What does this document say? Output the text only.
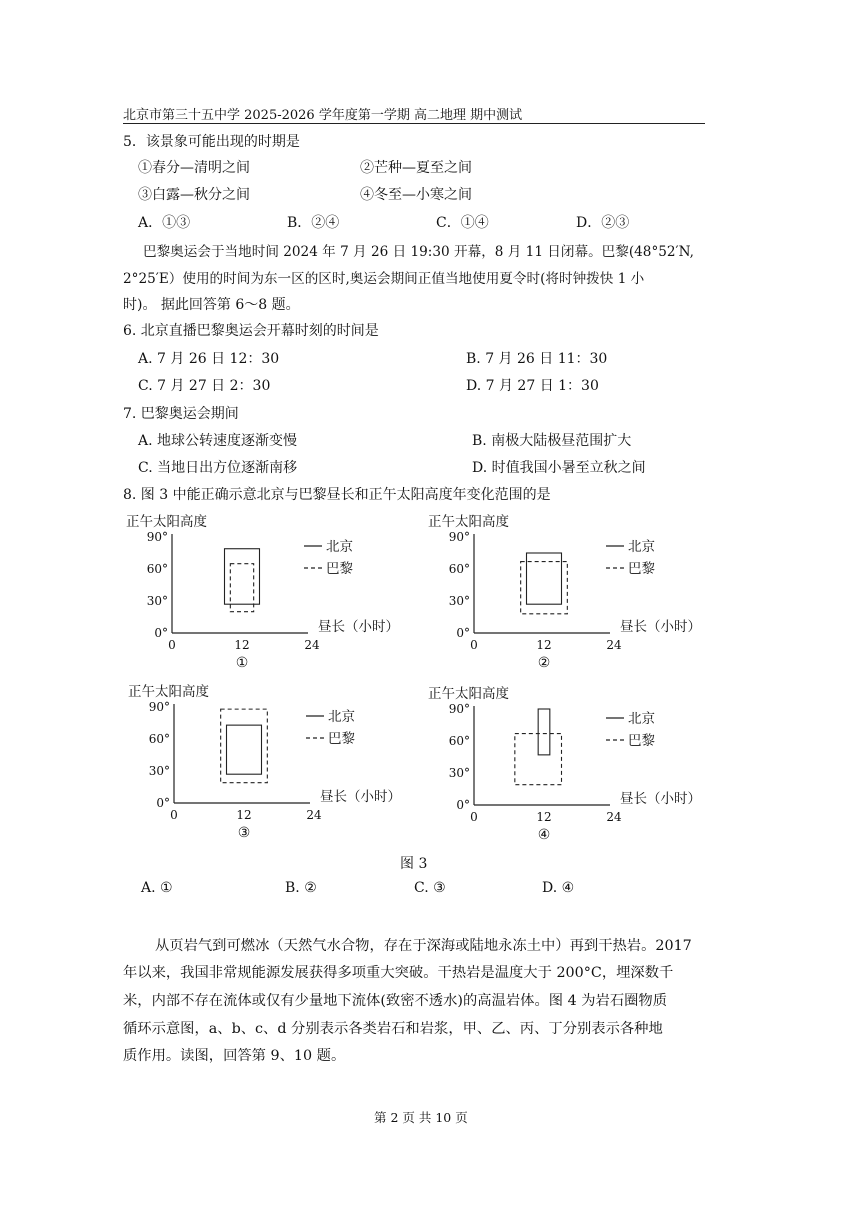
北京市第三十五中学 2025-2026 学年度第一学期 高二地理 期中测试
5．该景象可能出现的时期是
①春分—清明之间	②芒种—夏至之间
③白露—秋分之间	④冬至—小寒之间
A．①③	B．②④	C．①④	D．②③
巴黎奥运会于当地时间 2024 年 7 月 26 日 19:30 开幕，8 月 11 日闭幕。巴黎(48°52′N,
2°25′E）使用的时间为东一区的区时,奥运会期间正值当地使用夏令时(将时钟拨快 1 小
时)。 据此回答第 6～8 题。
6. 北京直播巴黎奥运会开幕时刻的时间是
A. 7 月 26 日 12：30	B. 7 月 26 日 11：30
C. 7 月 27 日 2：30	D. 7 月 27 日 1：30
7. 巴黎奥运会期间
A. 地球公转速度逐渐变慢	B. 南极大陆极昼范围扩大
C. 当地日出方位逐渐南移	D. 时值我国小暑至立秋之间
8. 图 3 中能正确示意北京与巴黎昼长和正午太阳高度年变化范围的是
正午太阳高度
90°
60°
30°
0°
0	12	24
昼长（小时）
①
北京
巴黎
正午太阳高度
90°
60°
30°
0°
0	12	24
昼长（小时）
②
北京
巴黎
正午太阳高度
90°
60°
30°
0°
0	12	24
昼长（小时）
③
北京
巴黎
正午太阳高度
90°
60°
30°
0°
0	12	24
昼长（小时）
④
北京
巴黎
图 3
A. ①	B. ②	C. ③	D. ④
从页岩气到可燃冰（天然气水合物，存在于深海或陆地永冻土中）再到干热岩。2017
年以来，我国非常规能源发展获得多项重大突破。干热岩是温度大于 200°C，埋深数千
米，内部不存在流体或仅有少量地下流体(致密不透水)的高温岩体。图 4 为岩石圈物质
循环示意图，a、b、c、d 分别表示各类岩石和岩浆，甲、乙、丙、丁分别表示各种地
质作用。读图，回答第 9、10 题。
第 2 页 共 10 页
